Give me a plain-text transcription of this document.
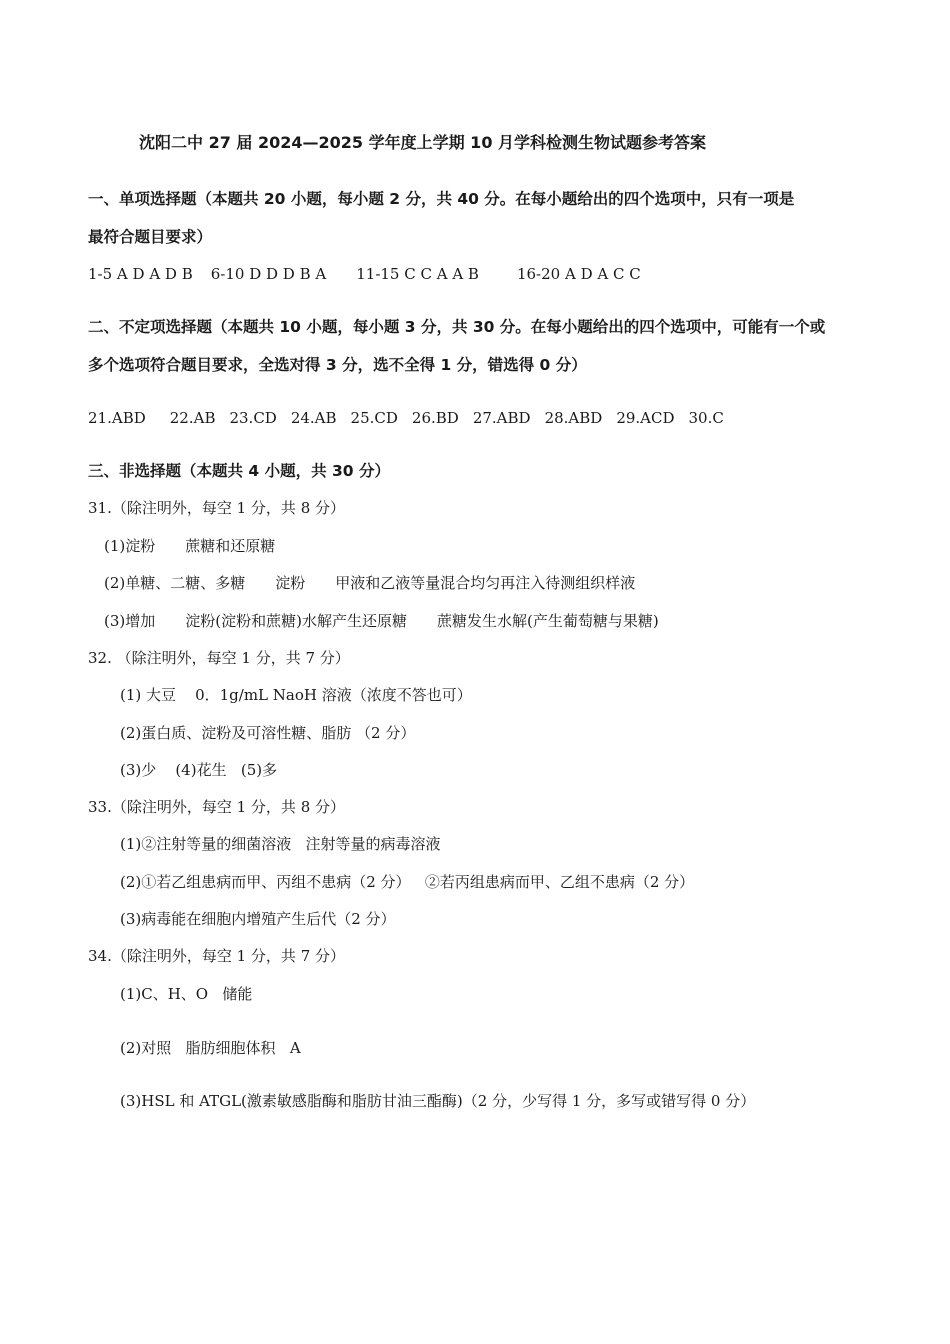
沈阳二中 27 届 2024—2025 学年度上学期 10 月学科检测生物试题参考答案
一、单项选择题（本题共 20 小题，每小题 2 分，共 40 分。在每小题给出的四个选项中，只有一项是
最符合题目要求）
1-5 A D A D B 6-10 D D D B A 11-15 C C A A B	16-20 A D A C C
二、不定项选择题（本题共 10 小题，每小题 3 分，共 30 分。在每小题给出的四个选项中，可能有一个或
多个选项符合题目要求，全选对得 3 分，选不全得 1 分，错选得 0 分）
21.ABD 22.AB 23.CD 24.AB 25.CD 26.BD 27.ABD 28.ABD 29.ACD 30.C
三、非选择题（本题共 4 小题，共 30 分）
31.（除注明外，每空 1 分，共 8 分）
(1)淀粉 蔗糖和还原糖
(2)单糖、二糖、多糖 淀粉 甲液和乙液等量混合均匀再注入待测组织样液
(3)增加 淀粉(淀粉和蔗糖)水解产生还原糖 蔗糖发生水解(产生葡萄糖与果糖)
32. （除注明外，每空 1 分，共 7 分）
(1) 大豆    0．1g/mL NaoH 溶液（浓度不答也可）
(2)蛋白质、淀粉及可溶性糖、脂肪 （2 分）
(3)少    (4)花生   (5)多
33.（除注明外，每空 1 分，共 8 分）
(1)②注射等量的细菌溶液   注射等量的病毒溶液
(2)①若乙组患病而甲、丙组不患病（2 分）   ②若丙组患病而甲、乙组不患病（2 分）
(3)病毒能在细胞内增殖产生后代（2 分）
34.（除注明外，每空 1 分，共 7 分）
(1)C、H、O   储能
(2)对照   脂肪细胞体积   A
(3)HSL 和 ATGL(激素敏感脂酶和脂肪甘油三酯酶)（2 分，少写得 1 分，多写或错写得 0 分）
